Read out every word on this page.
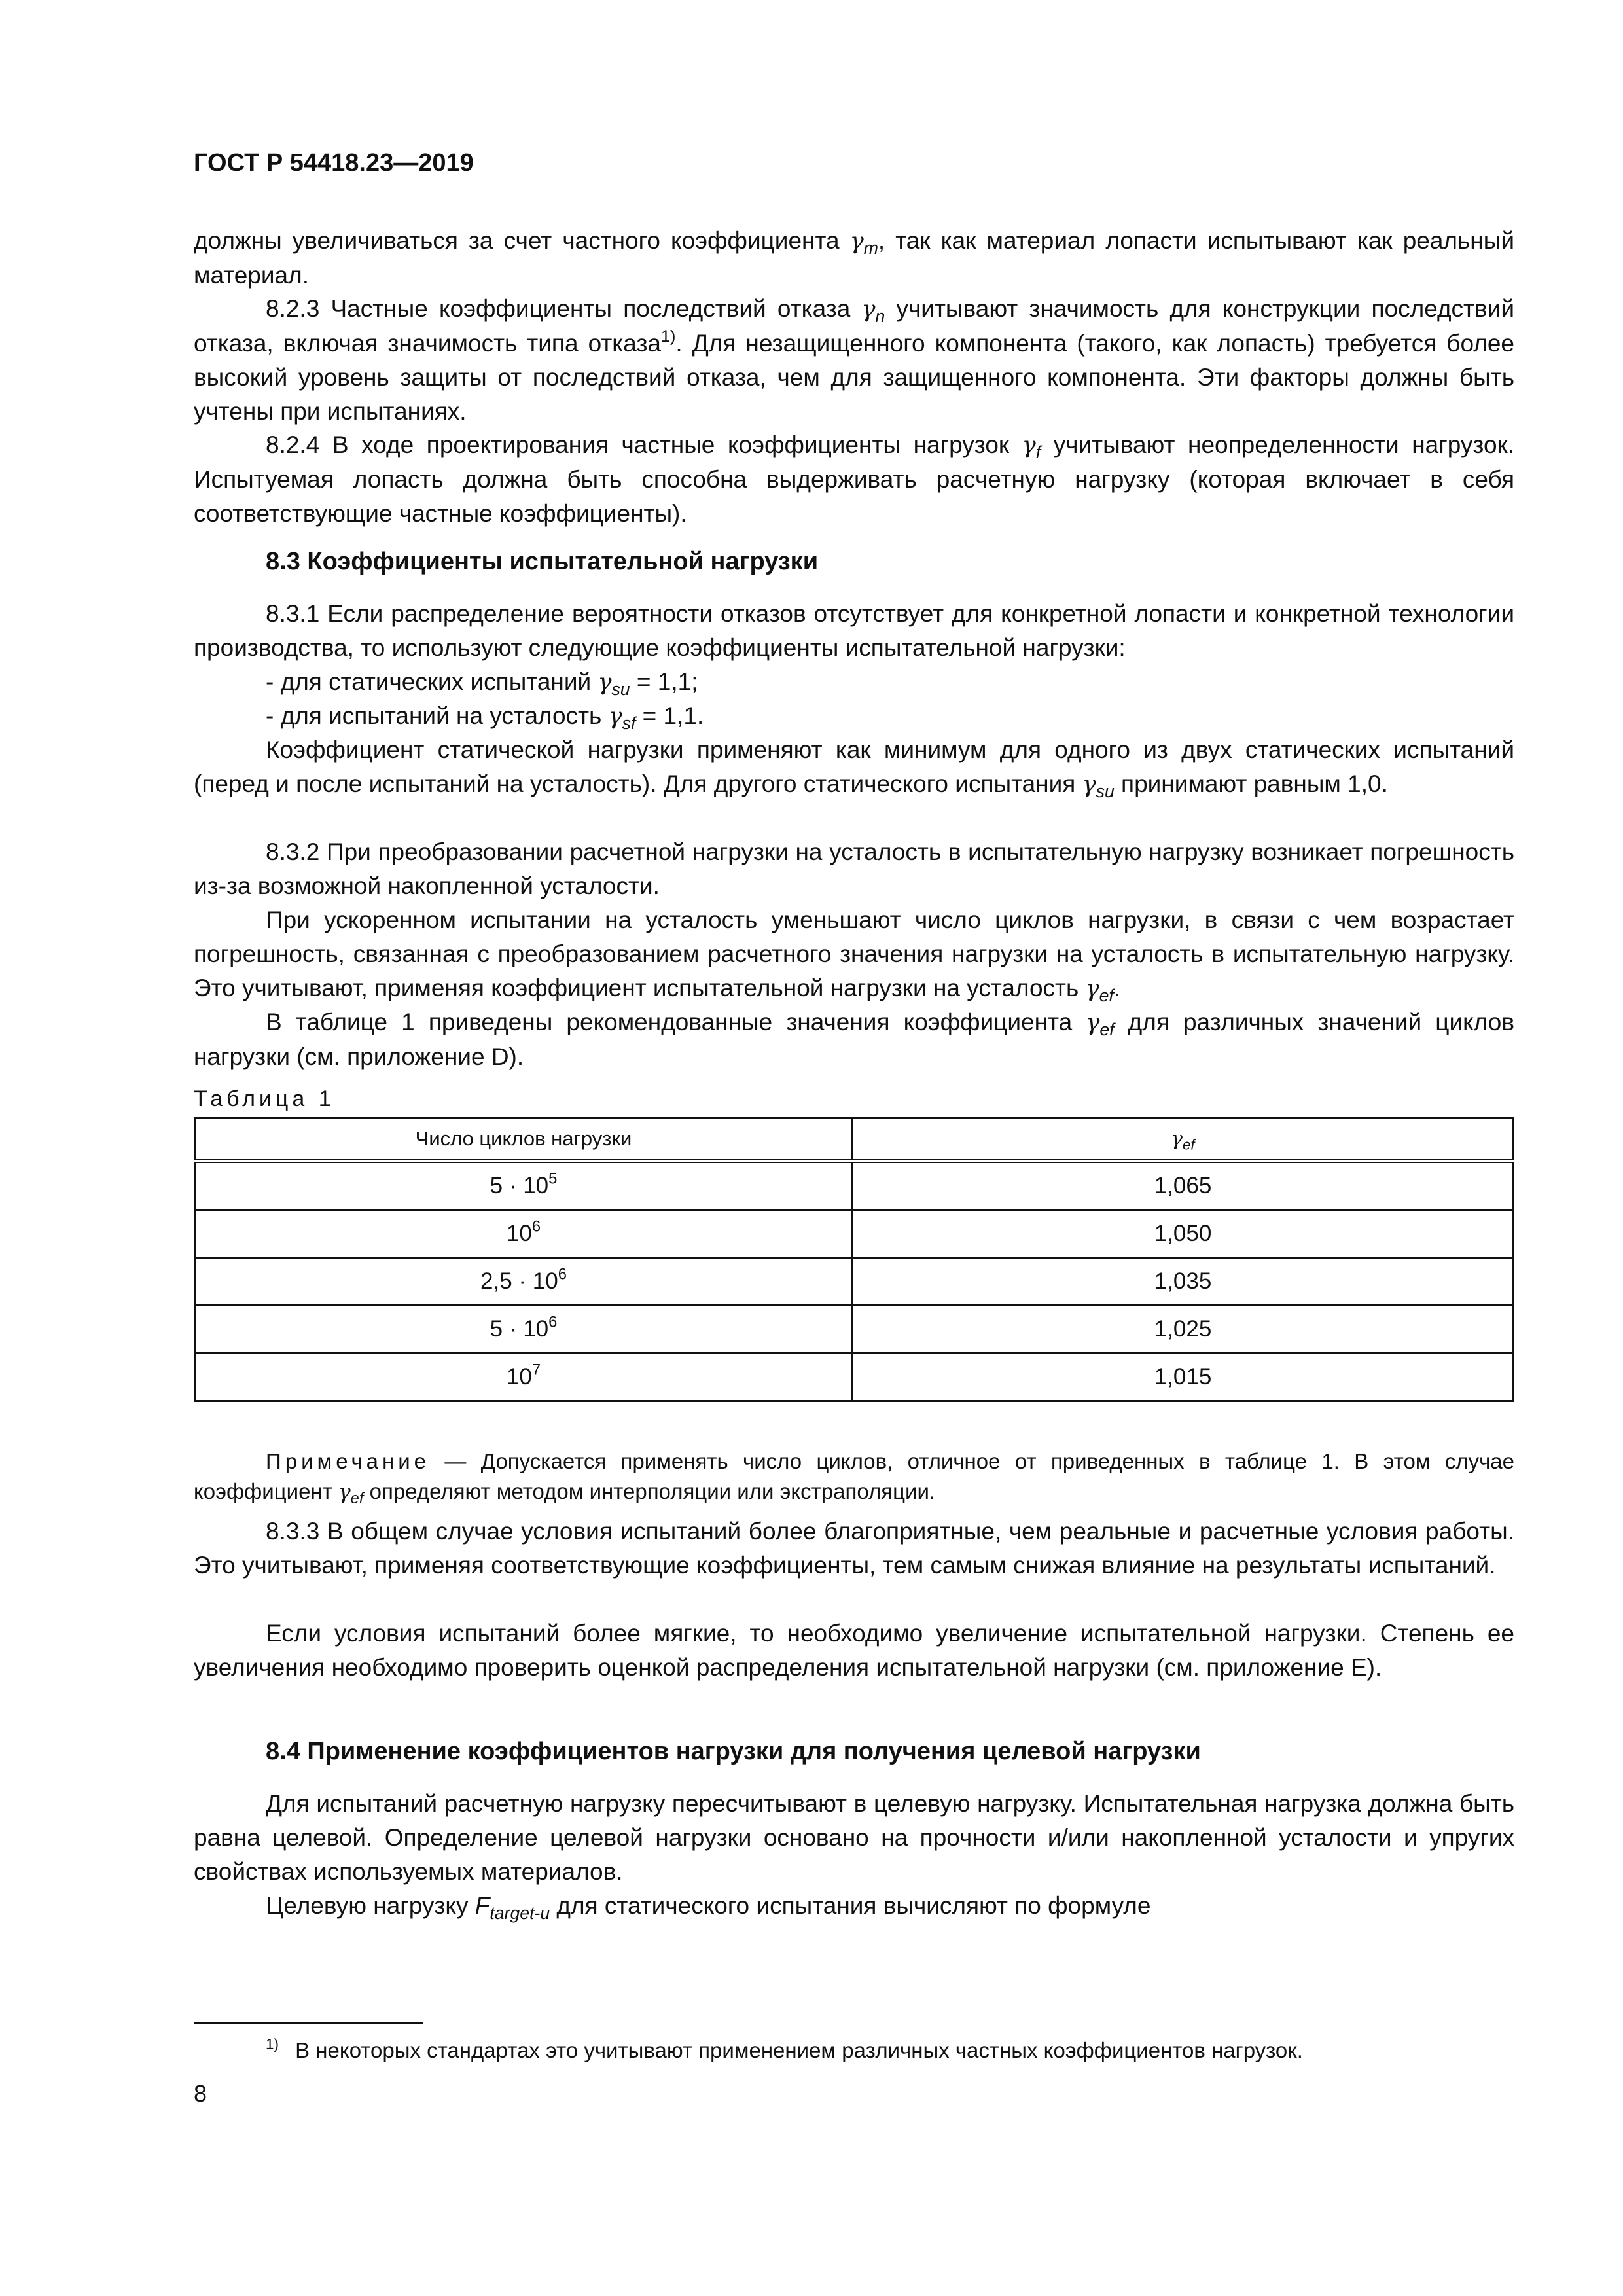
ГОСТ Р 54418.23—2019

должны увеличиваться за счет частного коэффициента $\gamma_m$, так как материал лопасти испытывают как реальный материал.

8.2.3 Частные коэффициенты последствий отказа $\gamma_n$ учитывают значимость для конструкции последствий отказа, включая значимость типа отказа$^{1)}$. Для незащищенного компонента (такого, как лопасть) требуется более высокий уровень защиты от последствий отказа, чем для защищенного компонента. Эти факторы должны быть учтены при испытаниях.

8.2.4 В ходе проектирования частные коэффициенты нагрузок $\gamma_f$ учитывают неопределенности нагрузок. Испытуемая лопасть должна быть способна выдерживать расчетную нагрузку (которая включает в себя соответствующие частные коэффициенты).

8.3 Коэффициенты испытательной нагрузки

8.3.1 Если распределение вероятности отказов отсутствует для конкретной лопасти и конкретной технологии производства, то используют следующие коэффициенты испытательной нагрузки:

- для статических испытаний $\gamma_{su} = 1,1$;

- для испытаний на усталость $\gamma_{sf} = 1,1$.

Коэффициент статической нагрузки применяют как минимум для одного из двух статических испытаний (перед и после испытаний на усталость). Для другого статического испытания $\gamma_{su}$ принимают равным 1,0.

8.3.2 При преобразовании расчетной нагрузки на усталость в испытательную нагрузку возникает погрешность из-за возможной накопленной усталости.

При ускоренном испытании на усталость уменьшают число циклов нагрузки, в связи с чем возрастает погрешность, связанная с преобразованием расчетного значения нагрузки на усталость в испытательную нагрузку. Это учитывают, применяя коэффициент испытательной нагрузки на усталость $\gamma_{ef}$.

В таблице 1 приведены рекомендованные значения коэффициента $\gamma_{ef}$ для различных значений циклов нагрузки (см. приложение D).

Таблица 1
Число циклов нагрузки	$\gamma_{ef}$
$5 \cdot 10^5$	1,065
$10^6$	1,050
$2,5 \cdot 10^6$	1,035
$5 \cdot 10^6$	1,025
$10^7$	1,015

Примечание — Допускается применять число циклов, отличное от приведенных в таблице 1. В этом случае коэффициент $\gamma_{ef}$ определяют методом интерполяции или экстраполяции.

8.3.3 В общем случае условия испытаний более благоприятные, чем реальные и расчетные условия работы. Это учитывают, применяя соответствующие коэффициенты, тем самым снижая влияние на результаты испытаний.

Если условия испытаний более мягкие, то необходимо увеличение испытательной нагрузки. Степень ее увеличения необходимо проверить оценкой распределения испытательной нагрузки (см. приложение E).

8.4 Применение коэффициентов нагрузки для получения целевой нагрузки

Для испытаний расчетную нагрузку пересчитывают в целевую нагрузку. Испытательная нагрузка должна быть равна целевой. Определение целевой нагрузки основано на прочности и/или накопленной усталости и упругих свойствах используемых материалов.

Целевую нагрузку $F_{target-u}$ для статического испытания вычисляют по формуле

$^{1)}$ В некоторых стандартах это учитывают применением различных частных коэффициентов нагрузок.
8
